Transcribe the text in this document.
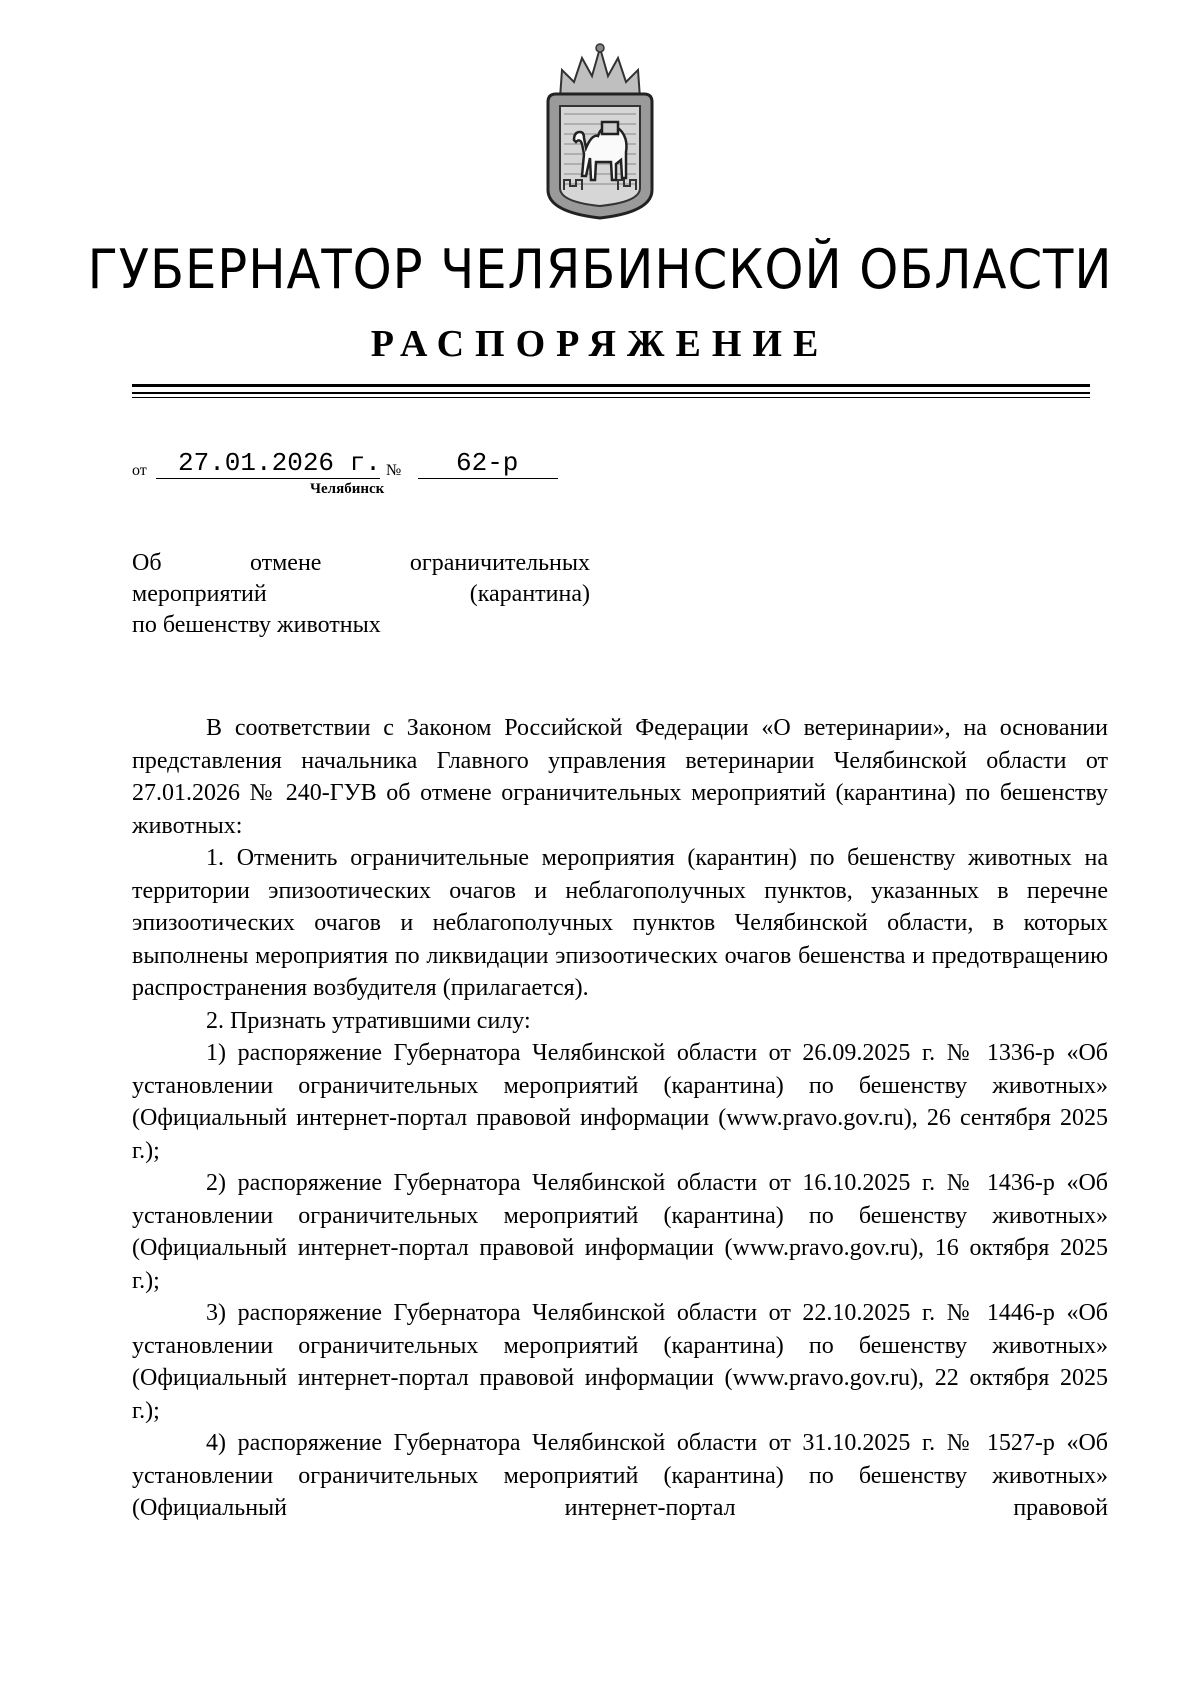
ГУБЕРНАТОР ЧЕЛЯБИНСКОЙ ОБЛАСТИ
РАСПОРЯЖЕНИЕ
от 27.01.2026 г. № 62-р
Челябинск
Об отмене ограничительных
мероприятий (карантина)
по бешенству животных

В соответствии с Законом Российской Федерации «О ветеринарии», на основании представления начальника Главного управления ветеринарии Челябинской области от 27.01.2026 № 240-ГУВ об отмене ограничительных мероприятий (карантина) по бешенству животных:

1. Отменить ограничительные мероприятия (карантин) по бешенству животных на территории эпизоотических очагов и неблагополучных пунктов, указанных в перечне эпизоотических очагов и неблагополучных пунктов Челябинской области, в которых выполнены мероприятия по ликвидации эпизоотических очагов бешенства и предотвращению распространения возбудителя (прилагается).

2. Признать утратившими силу:

1) распоряжение Губернатора Челябинской области от 26.09.2025 г. № 1336-р «Об установлении ограничительных мероприятий (карантина) по бешенству животных» (Официальный интернет-портал правовой информации (www.pravo.gov.ru), 26 сентября 2025 г.);

2) распоряжение Губернатора Челябинской области от 16.10.2025 г. № 1436-р «Об установлении ограничительных мероприятий (карантина) по бешенству животных» (Официальный интернет-портал правовой информации (www.pravo.gov.ru), 16 октября 2025 г.);

3) распоряжение Губернатора Челябинской области от 22.10.2025 г. № 1446-р «Об установлении ограничительных мероприятий (карантина) по бешенству животных» (Официальный интернет-портал правовой информации (www.pravo.gov.ru), 22 октября 2025 г.);

4) распоряжение Губернатора Челябинской области от 31.10.2025 г. № 1527-р «Об установлении ограничительных мероприятий (карантина) по бешенству животных» (Официальный интернет-портал правовой
